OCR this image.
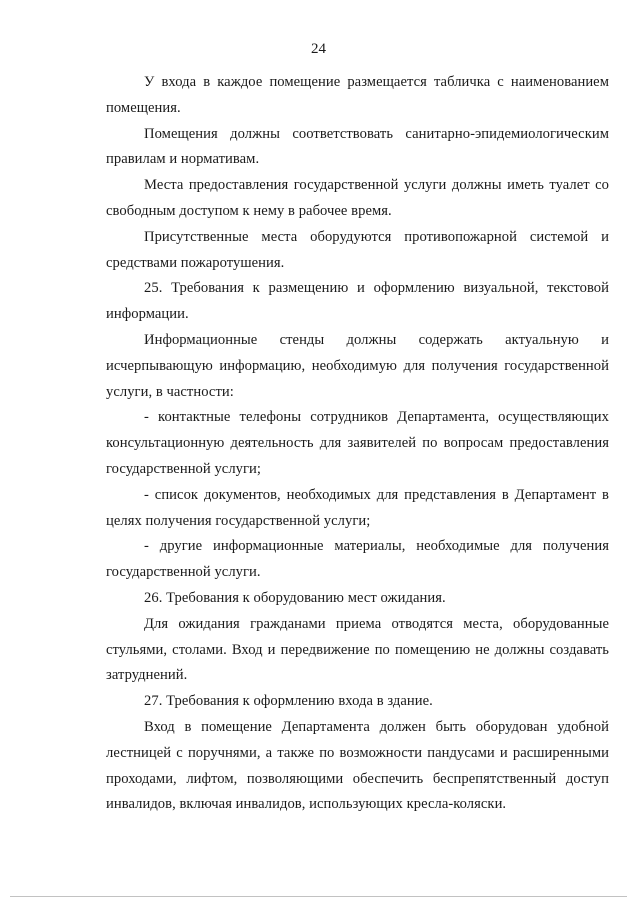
24

У входа в каждое помещение размещается табличка с наименованием помещения.

Помещения должны соответствовать санитарно-эпидемиологическим правилам и нормативам.

Места предоставления государственной услуги должны иметь туалет со свободным доступом к нему в рабочее время.

Присутственные места оборудуются противопожарной системой и средствами пожаротушения.

25. Требования к размещению и оформлению визуальной, текстовой информации.

Информационные стенды должны содержать актуальную и исчерпывающую информацию, необходимую для получения государственной услуги, в частности:

- контактные телефоны сотрудников Департамента, осуществляющих консультационную деятельность для заявителей по вопросам предоставления государственной услуги;

- список документов, необходимых для представления в Департамент в целях получения государственной услуги;

- другие информационные материалы, необходимые для получения государственной услуги.

26. Требования к оборудованию мест ожидания.

Для ожидания гражданами приема отводятся места, оборудованные стульями, столами. Вход и передвижение по помещению не должны создавать затруднений.

27. Требования к оформлению входа в здание.

Вход в помещение Департамента должен быть оборудован удобной лестницей с поручнями, а также по возможности пандусами и расширенными проходами, лифтом, позволяющими обеспечить беспрепятственный доступ инвалидов, включая инвалидов, использующих кресла-коляски.
